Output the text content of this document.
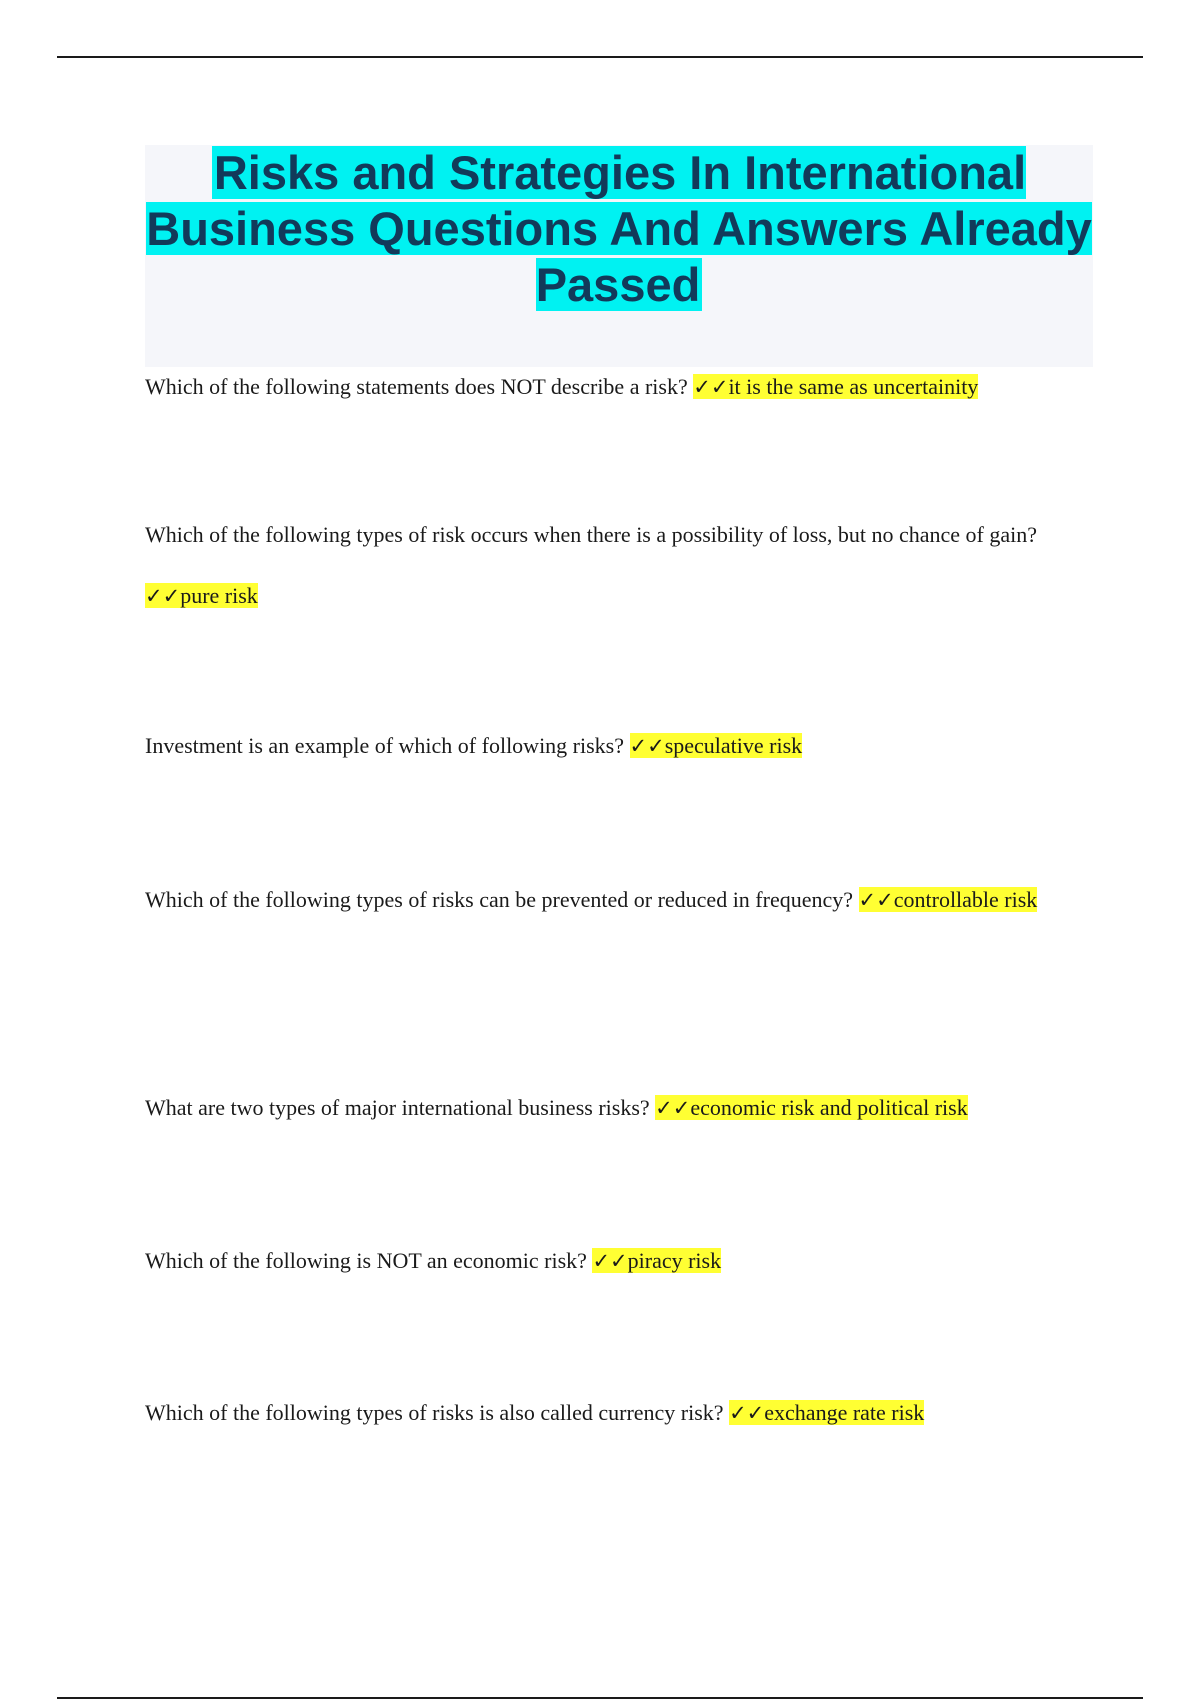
Risks and Strategies In International Business Questions And Answers Already Passed

Which of the following statements does NOT describe a risk? ✓✓it is the same as uncertainity

Which of the following types of risk occurs when there is a possibility of loss, but no chance of gain? ✓✓pure risk

Investment is an example of which of following risks? ✓✓speculative risk

Which of the following types of risks can be prevented or reduced in frequency? ✓✓controllable risk

What are two types of major international business risks? ✓✓economic risk and political risk

Which of the following is NOT an economic risk? ✓✓piracy risk

Which of the following types of risks is also called currency risk? ✓✓exchange rate risk
